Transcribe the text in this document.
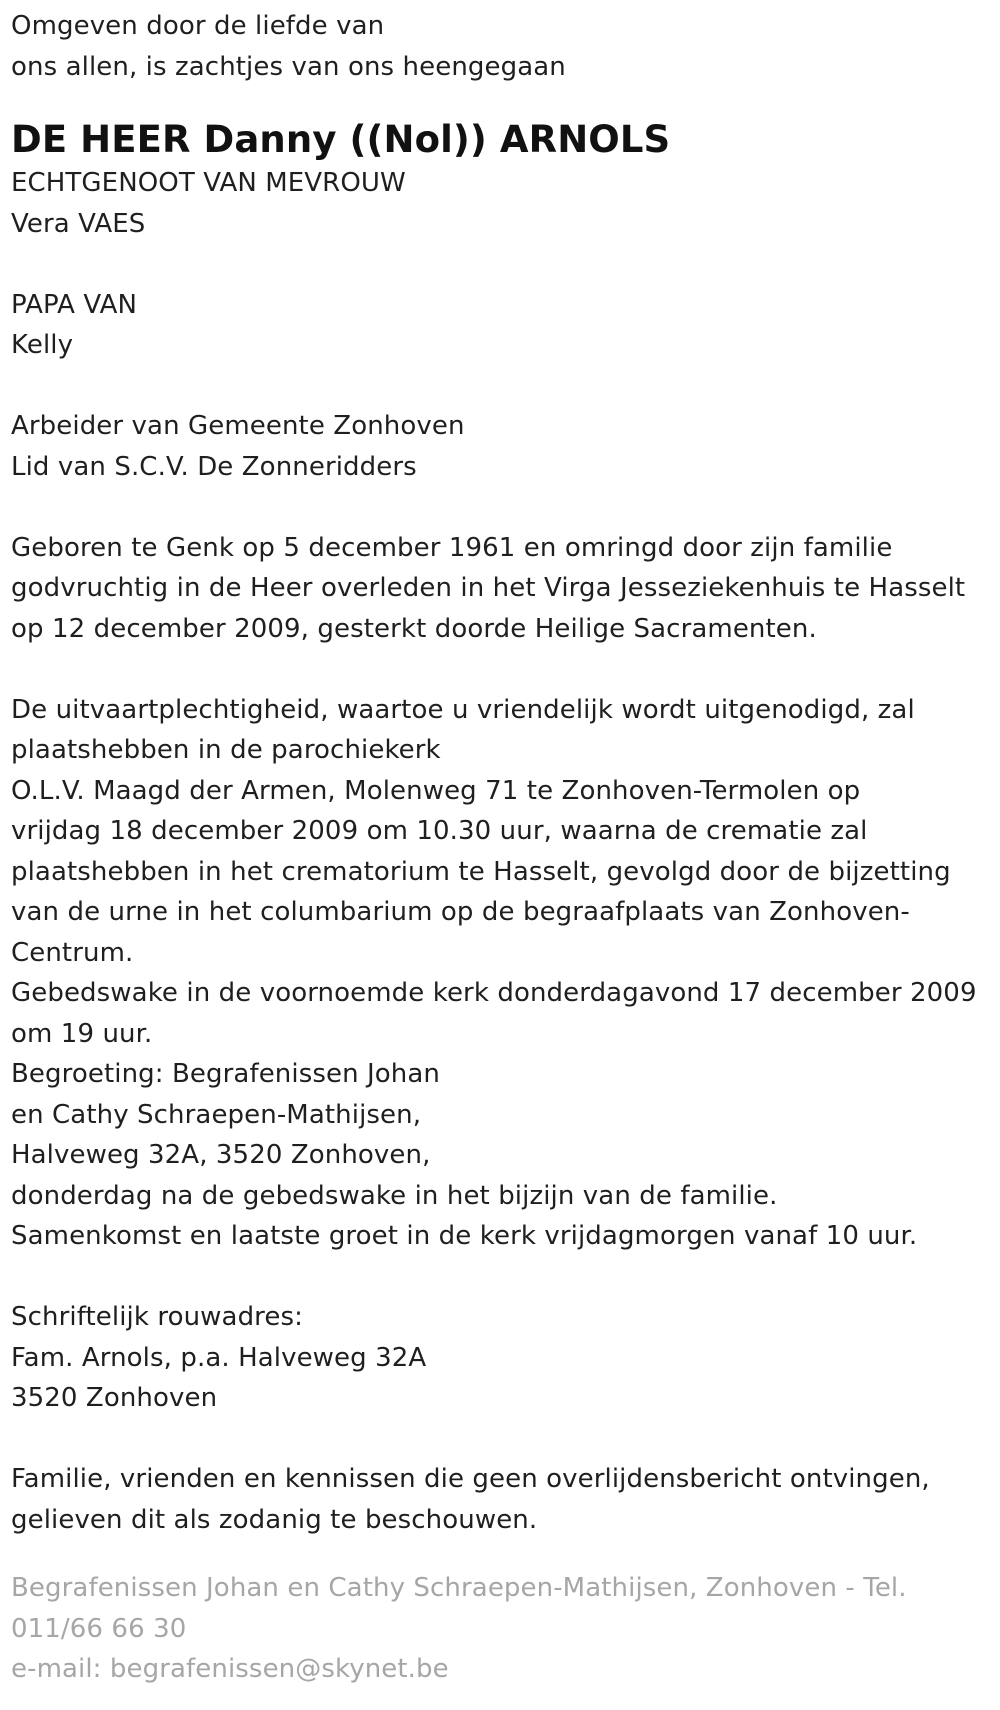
Omgeven door de liefde van
ons allen, is zachtjes van ons heengegaan
DE HEER Danny ((Nol)) ARNOLS
ECHTGENOOT VAN MEVROUW
Vera VAES
PAPA VAN
Kelly
Arbeider van Gemeente Zonhoven
Lid van S.C.V. De Zonneridders
Geboren te Genk op 5 december 1961 en omringd door zijn familie
godvruchtig in de Heer overleden in het Virga Jesseziekenhuis te Hasselt
op 12 december 2009, gesterkt doorde Heilige Sacramenten.
De uitvaartplechtigheid, waartoe u vriendelijk wordt uitgenodigd, zal
plaatshebben in de parochiekerk
O.L.V. Maagd der Armen, Molenweg 71 te Zonhoven-Termolen op
vrijdag 18 december 2009 om 10.30 uur, waarna de crematie zal
plaatshebben in het crematorium te Hasselt, gevolgd door de bijzetting
van de urne in het columbarium op de begraafplaats van Zonhoven-
Centrum.
Gebedswake in de voornoemde kerk donderdagavond 17 december 2009
om 19 uur.
Begroeting: Begrafenissen Johan
en Cathy Schraepen-Mathijsen,
Halveweg 32A, 3520 Zonhoven,
donderdag na de gebedswake in het bijzijn van de familie.
Samenkomst en laatste groet in de kerk vrijdagmorgen vanaf 10 uur.
Schriftelijk rouwadres:
Fam. Arnols, p.a. Halveweg 32A
3520 Zonhoven
Familie, vrienden en kennissen die geen overlijdensbericht ontvingen,
gelieven dit als zodanig te beschouwen.
Begrafenissen Johan en Cathy Schraepen-Mathijsen, Zonhoven - Tel.
011/66 66 30
e-mail: begrafenissen@skynet.be
